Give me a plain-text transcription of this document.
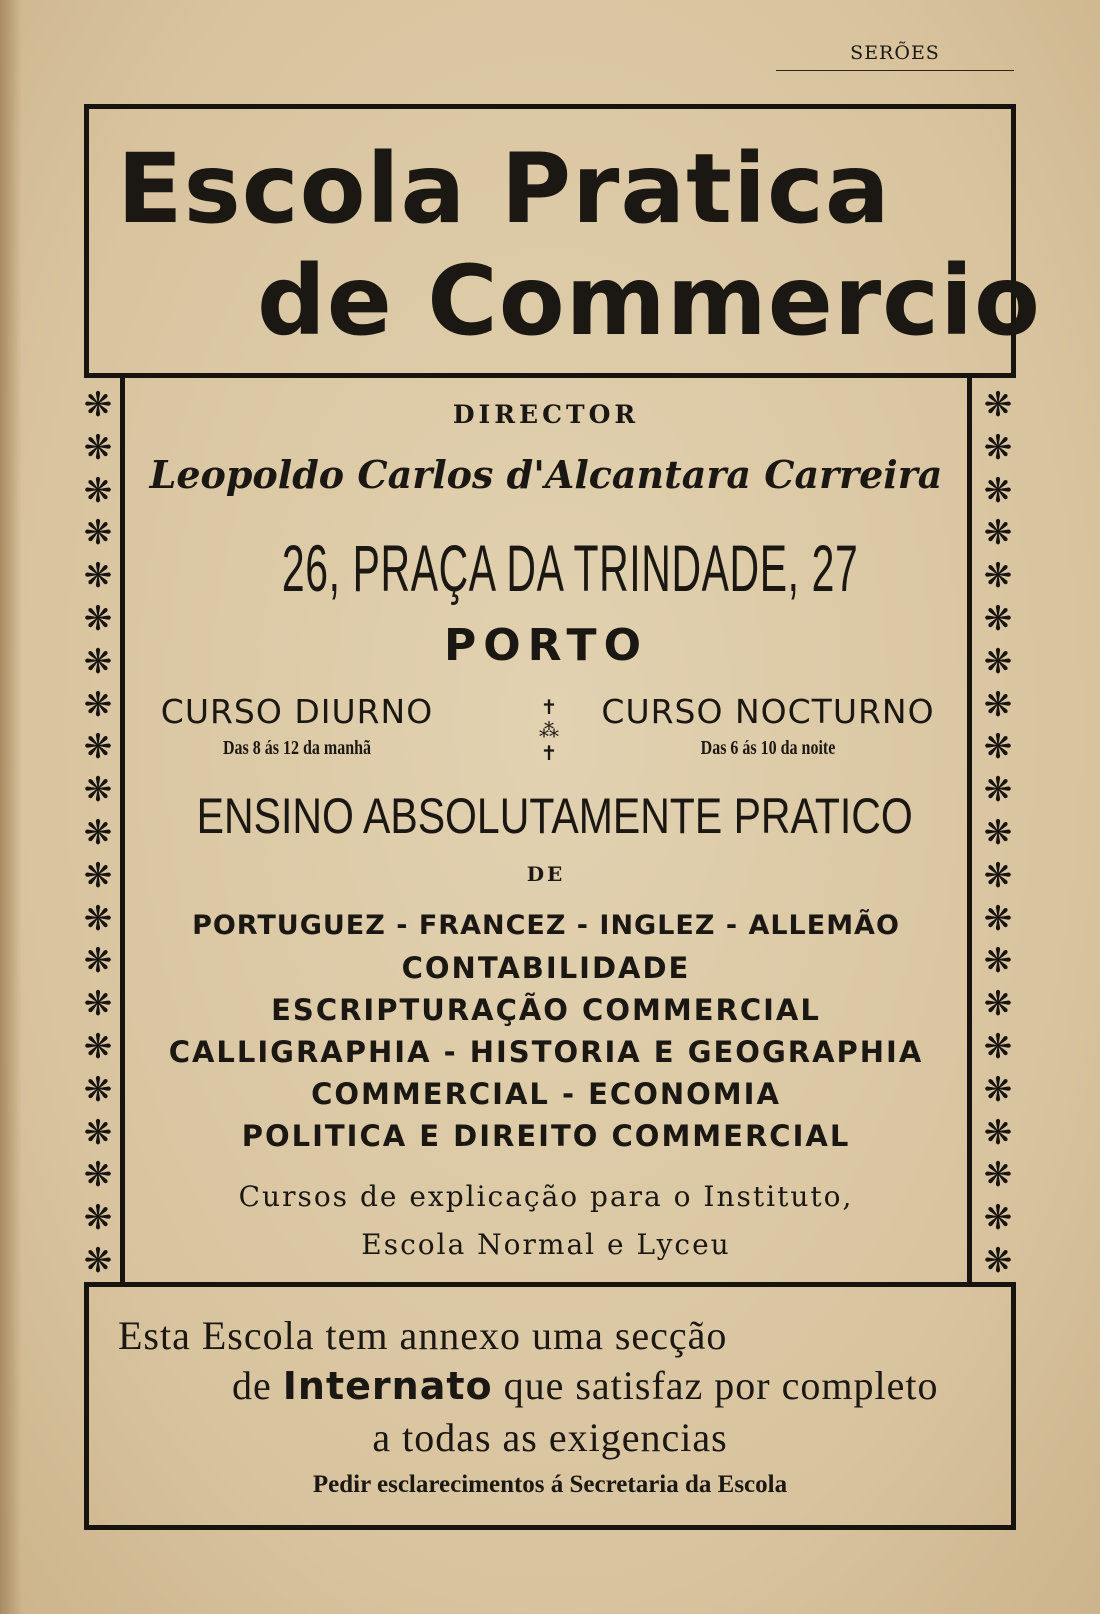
SERÕES
Escola Pratica
de Commercio
❋
❋
❋
❋
❋
❋
❋
❋
❋
❋
❋
❋
❋
❋
❋
❋
❋
❋
❋
❋
❋
❋
❋
❋
❋
❋
❋
❋
❋
❋
❋
❋
❋
❋
❋
❋
❋
❋
❋
❋
❋
❋

DIRECTOR

Leopoldo Carlos d'Alcantara Carreira

26, PRAÇA DA TRINDADE, 27

PORTO

CURSO DIURNO

Das 8 ás 12 da manhã

✝
⁂
✝

CURSO NOCTURNO

Das 6 ás 10 da noite

ENSINO ABSOLUTAMENTE PRATICO

DE

PORTUGUEZ - FRANCEZ - INGLEZ - ALLEMÃO

CONTABILIDADE

ESCRIPTURAÇÃO COMMERCIAL

CALLIGRAPHIA - HISTORIA E GEOGRAPHIA

COMMERCIAL - ECONOMIA

POLITICA E DIREITO COMMERCIAL

Cursos de explicação para o Instituto,

Escola Normal e Lyceu

Esta Escola tem annexo uma secção

de Internato que satisfaz por completo

a todas as exigencias

Pedir esclarecimentos á Secretaria da Escola
